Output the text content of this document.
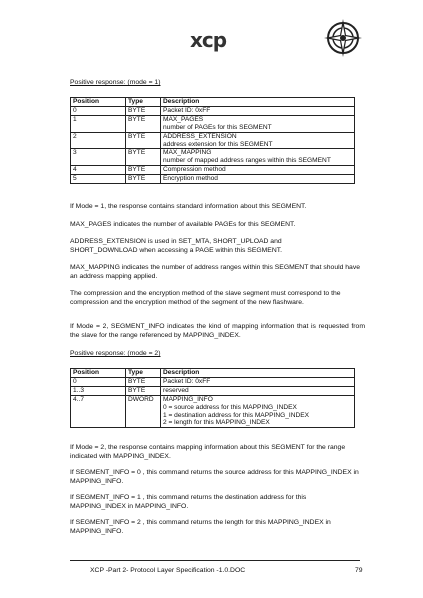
xcp

Positive response: (mode = 1)

Position	Type	Description
0	BYTE	Packet ID: 0xFF
1	BYTE	MAX_PAGES
number of PAGEs for this SEGMENT

2	BYTE	ADDRESS_EXTENSION
address extension for this SEGMENT

3	BYTE	MAX_MAPPING
number of mapped address ranges within this SEGMENT

4	BYTE	Compression method
5	BYTE	Encryption method

If Mode = 1, the response contains standard information about this SEGMENT.

MAX_PAGES indicates the number of available PAGEs for this SEGMENT.

ADDRESS_EXTENSION is used in SET_MTA, SHORT_UPLOAD and SHORT_DOWNLOAD when accessing a PAGE within this SEGMENT.

MAX_MAPPING indicates the number of address ranges within this SEGMENT that should have an address mapping applied.

The compression and the encryption method of the slave segment must correspond to the compression and the encryption method of the segment of the new flashware.

If Mode = 2, SEGMENT_INFO indicates the kind of mapping information that is requested from the slave for the range referenced by MAPPING_INDEX.

Positive response: (mode = 2)

Position	Type	Description
0	BYTE	Packet ID: 0xFF
1..3	BYTE	reserved
4..7	DWORD	MAPPING_INFO
0 = source address for this MAPPING_INDEX
1 = destination address for this MAPPING_INDEX
2 = length for this MAPPING_INDEX

If Mode = 2, the response contains mapping information about this SEGMENT for the range indicated with MAPPING_INDEX.

If SEGMENT_INFO = 0 , this command returns the source address for this MAPPING_INDEX in MAPPING_INFO.

If SEGMENT_INFO = 1 , this command returns the destination address for this MAPPING_INDEX in MAPPING_INFO.

If SEGMENT_INFO = 2 , this command returns the length for this MAPPING_INDEX in MAPPING_INFO.

XCP -Part 2- Protocol Layer Specification -1.0.DOC	79
